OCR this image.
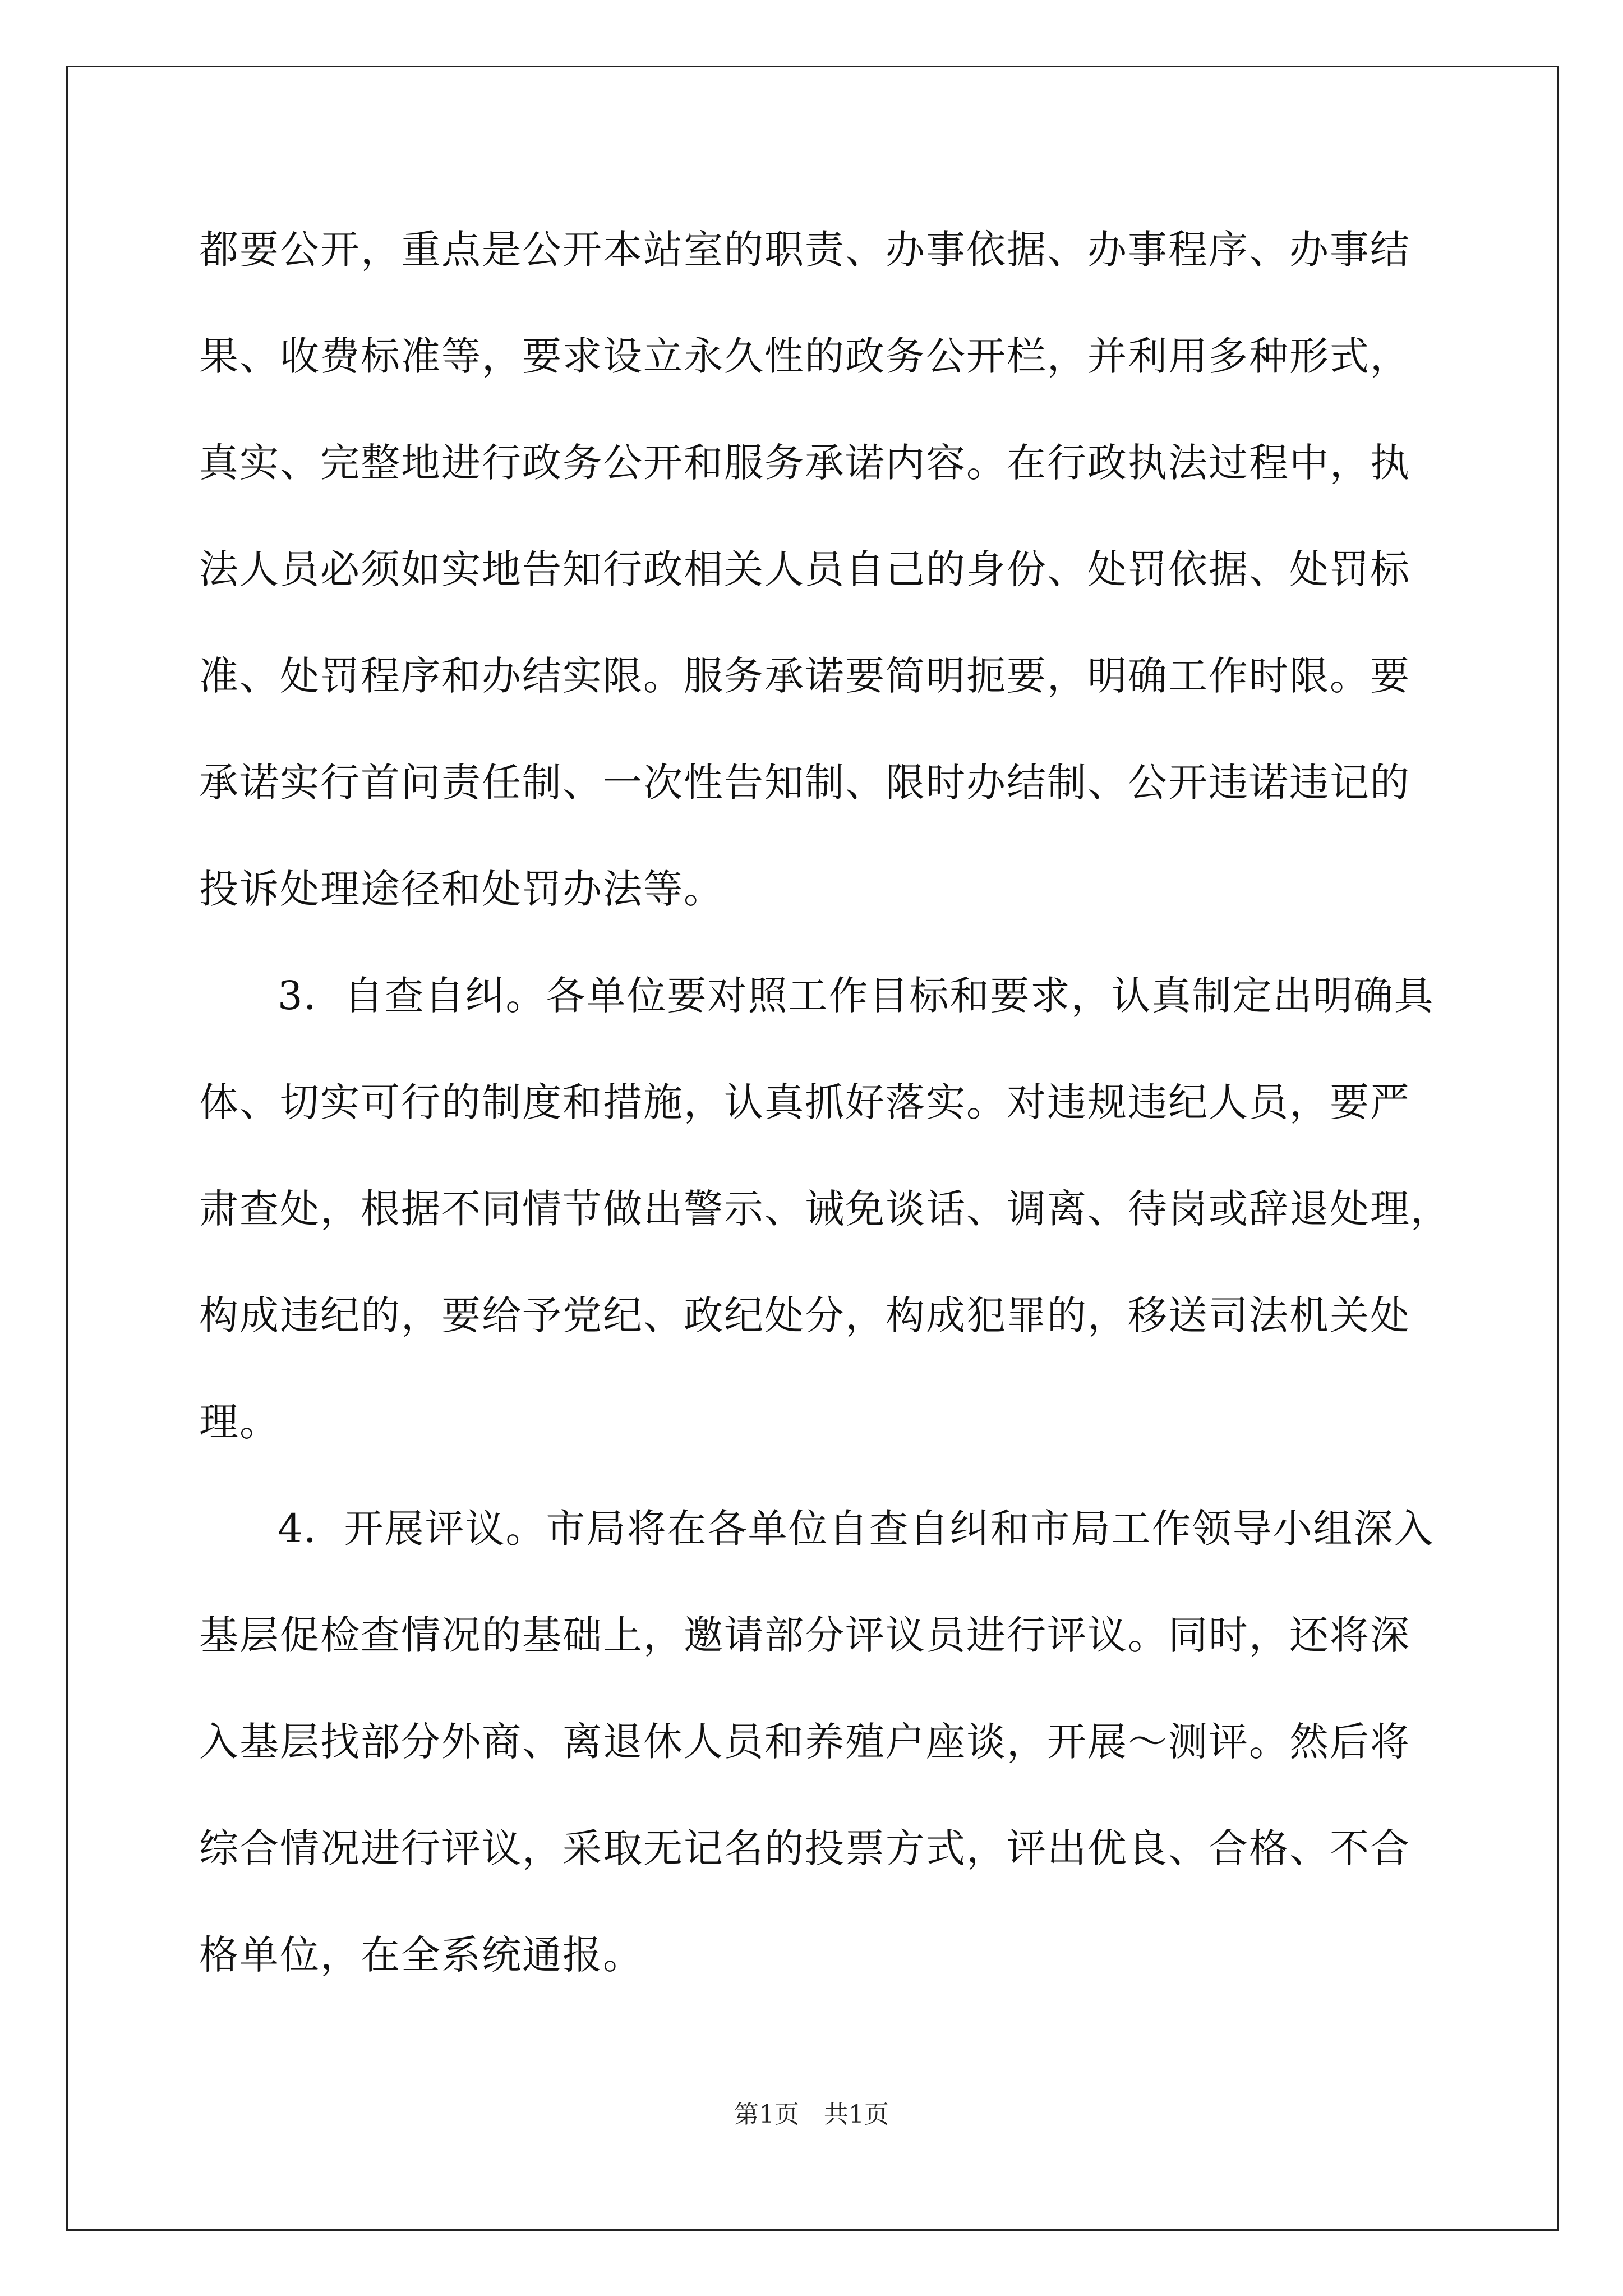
都要公开，重点是公开本站室的职责、办事依据、办事程序、办事结
果、收费标准等，要求设立永久性的政务公开栏，并利用多种形式，
真实、完整地进行政务公开和服务承诺内容。在行政执法过程中，执
法人员必须如实地告知行政相关人员自己的身份、处罚依据、处罚标
准、处罚程序和办结实限。服务承诺要简明扼要，明确工作时限。要
承诺实行首问责任制、一次性告知制、限时办结制、公开违诺违记的
投诉处理途径和处罚办法等。
3．自查自纠。各单位要对照工作目标和要求，认真制定出明确具
体、切实可行的制度和措施，认真抓好落实。对违规违纪人员，要严
肃查处，根据不同情节做出警示、诫免谈话、调离、待岗或辞退处理，
构成违纪的，要给予党纪、政纪处分，构成犯罪的，移送司法机关处
理。
4．开展评议。市局将在各单位自查自纠和市局工作领导小组深入
基层促检查情况的基础上，邀请部分评议员进行评议。同时，还将深
入基层找部分外商、离退休人员和养殖户座谈，开展～测评。然后将
综合情况进行评议，采取无记名的投票方式，评出优良、合格、不合
格单位，在全系统通报。
第1页　共1页
